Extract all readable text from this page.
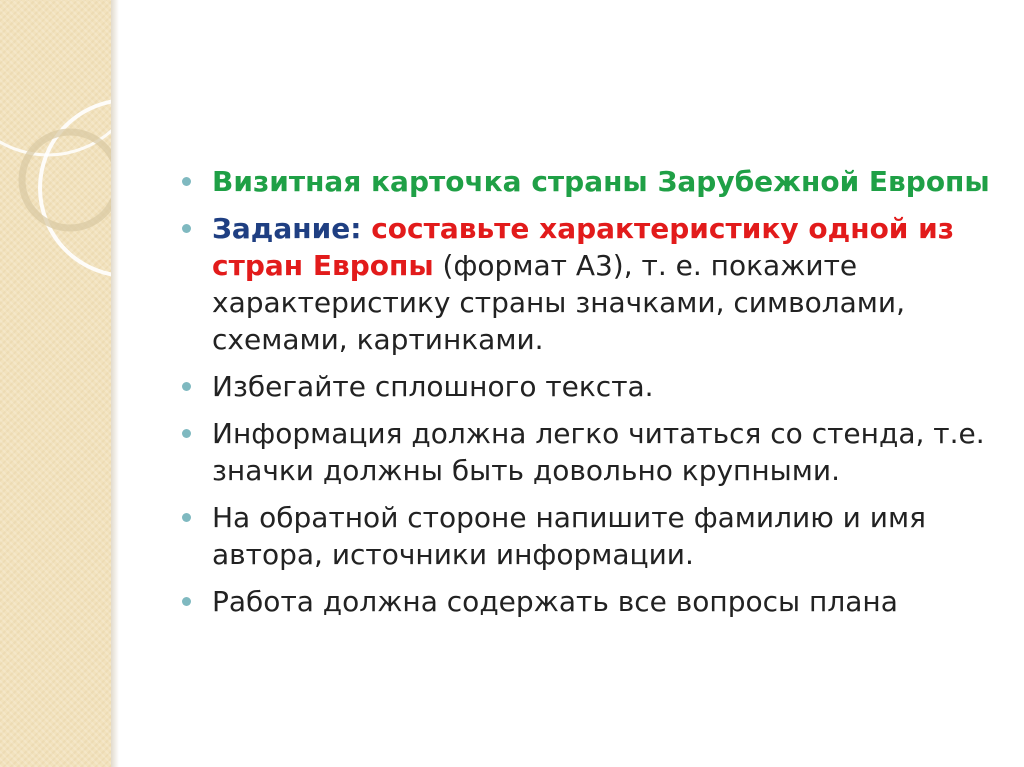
Визитная карточка страны Зарубежной Европы
Задание: составьте характеристику одной из стран Европы (формат А3), т. е. покажите характеристику страны значками, символами, схемами, картинками.
Избегайте сплошного текста.
Информация должна легко читаться со стенда, т.е. значки должны быть довольно крупными.
На обратной стороне напишите фамилию и имя автора, источники информации.
Работа должна содержать все вопросы плана
